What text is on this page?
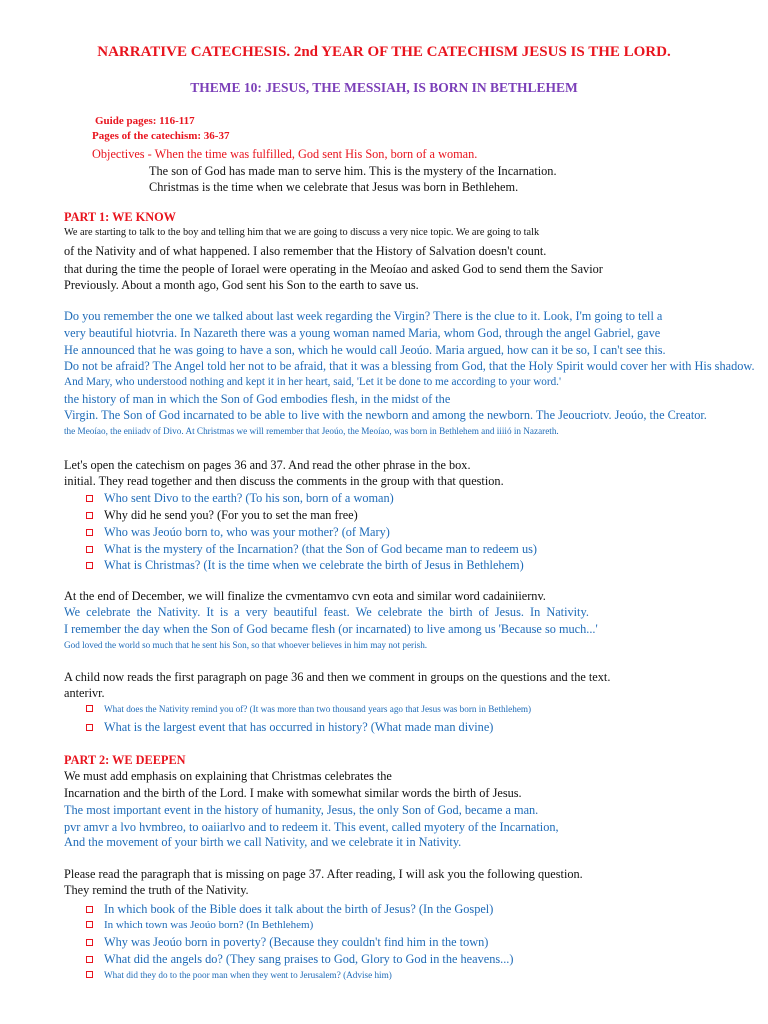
NARRATIVE CATECHESIS. 2nd YEAR OF THE CATECHISM JESUS IS THE LORD.
THEME 10: JESUS, THE MESSIAH, IS BORN IN BETHLEHEM
Guide pages: 116-117
Pages of the catechism: 36-37
Objectives - When the time was fulfilled, God sent His Son, born of a woman.
The son of God has made man to serve him. This is the mystery of the Incarnation.
Christmas is the time when we celebrate that Jesus was born in Bethlehem.
PART 1: WE KNOW
We are starting to talk to the boy and telling him that we are going to discuss a very nice topic. We are going to talk
of the Nativity and of what happened. I also remember that the History of Salvation doesn't count.
that during the time the people of Iorael were operating in the Meoíao and asked God to send them the Savior
Previously. About a month ago, God sent his Son to the earth to save us.
Do you remember the one we talked about last week regarding the Virgin? There is the clue to it. Look, I'm going to tell a
very beautiful hiotvria. In Nazareth there was a young woman named Maria, whom God, through the angel Gabriel, gave
He announced that he was going to have a son, which he would call Jeoúo. Maria argued, how can it be so, I can't see this.
Do not be afraid? The Angel told her not to be afraid, that it was a blessing from God, that the Holy Spirit would cover her with His shadow.
And Mary, who understood nothing and kept it in her heart, said, 'Let it be done to me according to your word.'
the history of man in which the Son of God embodies flesh, in the midst of the
Virgin. The Son of God incarnated to be able to live with the newborn and among the newborn. The Jeoucriotv. Jeoúo, the Creator.
the Meoíao, the eniiadv of Divo. At Christmas we will remember that Jeoúo, the Meoíao, was born in Bethlehem and iiiió in Nazareth.
Let's open the catechism on pages 36 and 37. And read the other phrase in the box.
initial. They read together and then discuss the comments in the group with that question.
Who sent Divo to the earth? (To his son, born of a woman)
Why did he send you? (For you to set the man free)
Who was Jeoúo born to, who was your mother? (of Mary)
What is the mystery of the Incarnation? (that the Son of God became man to redeem us)
What is Christmas? (It is the time when we celebrate the birth of Jesus in Bethlehem)
At the end of December, we will finalize the cvmentamvo cvn eota and similar word cadainiiernv.
We celebrate the Nativity. It is a very beautiful feast. We celebrate the birth of Jesus. In Nativity.
I remember the day when the Son of God became flesh (or incarnated) to live among us 'Because so much...'
God loved the world so much that he sent his Son, so that whoever believes in him may not perish.
A child now reads the first paragraph on page 36 and then we comment in groups on the questions and the text.
anterivr.
What does the Nativity remind you of? (It was more than two thousand years ago that Jesus was born in Bethlehem)
What is the largest event that has occurred in history? (What made man divine)
PART 2: WE DEEPEN
We must add emphasis on explaining that Christmas celebrates the
Incarnation and the birth of the Lord. I make with somewhat similar words the birth of Jesus.
The most important event in the history of humanity, Jesus, the only Son of God, became a man.
pvr amvr a lvo hvmbreo, to oaiiarlvo and to redeem it. This event, called myotery of the Incarnation,
And the movement of your birth we call Nativity, and we celebrate it in Nativity.
Please read the paragraph that is missing on page 37. After reading, I will ask you the following question.
They remind the truth of the Nativity.
In which book of the Bible does it talk about the birth of Jesus? (In the Gospel)
In which town was Jeoúo born? (In Bethlehem)
Why was Jeoúo born in poverty? (Because they couldn't find him in the town)
What did the angels do? (They sang praises to God, Glory to God in the heavens...)
What did they do to the poor man when they went to Jerusalem? (Advise him)
